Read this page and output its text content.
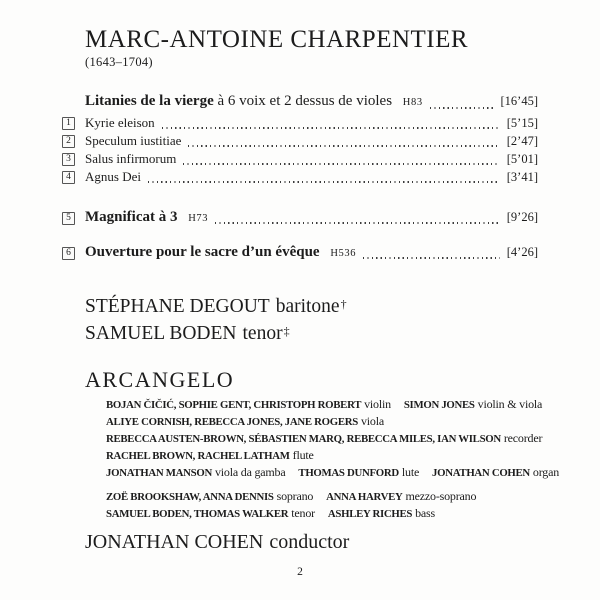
MARC-ANTOINE CHARPENTIER
(1643–1704)
Litanies de la vierge à 6 voix et 2 dessus de violes H83	[16’45]
1	Kyrie eleison	[5’15]
2	Speculum iustitiae	[2’47]
3	Salus infirmorum	[5’01]
4	Agnus Dei	[3’41]
5 Magnificat à 3 H73	[9’26]
6 Ouverture pour le sacre d’un évêque H536	[4’26]
STÉPHANE DEGOUT baritone†
SAMUEL BODEN tenor‡
ARCANGELO
BOJAN ČIČIĆ, SOPHIE GENT, CHRISTOPH ROBERT violin SIMON JONES violin & viola
ALIYE CORNISH, REBECCA JONES, JANE ROGERS viola
REBECCA AUSTEN-BROWN, SÉBASTIEN MARQ, REBECCA MILES, IAN WILSON recorder
RACHEL BROWN, RACHEL LATHAM flute
JONATHAN MANSON viola da gamba THOMAS DUNFORD lute JONATHAN COHEN organ
ZOË BROOKSHAW, ANNA DENNIS soprano ANNA HARVEY mezzo-soprano
SAMUEL BODEN, THOMAS WALKER tenor ASHLEY RICHES bass
JONATHAN COHEN conductor
2
